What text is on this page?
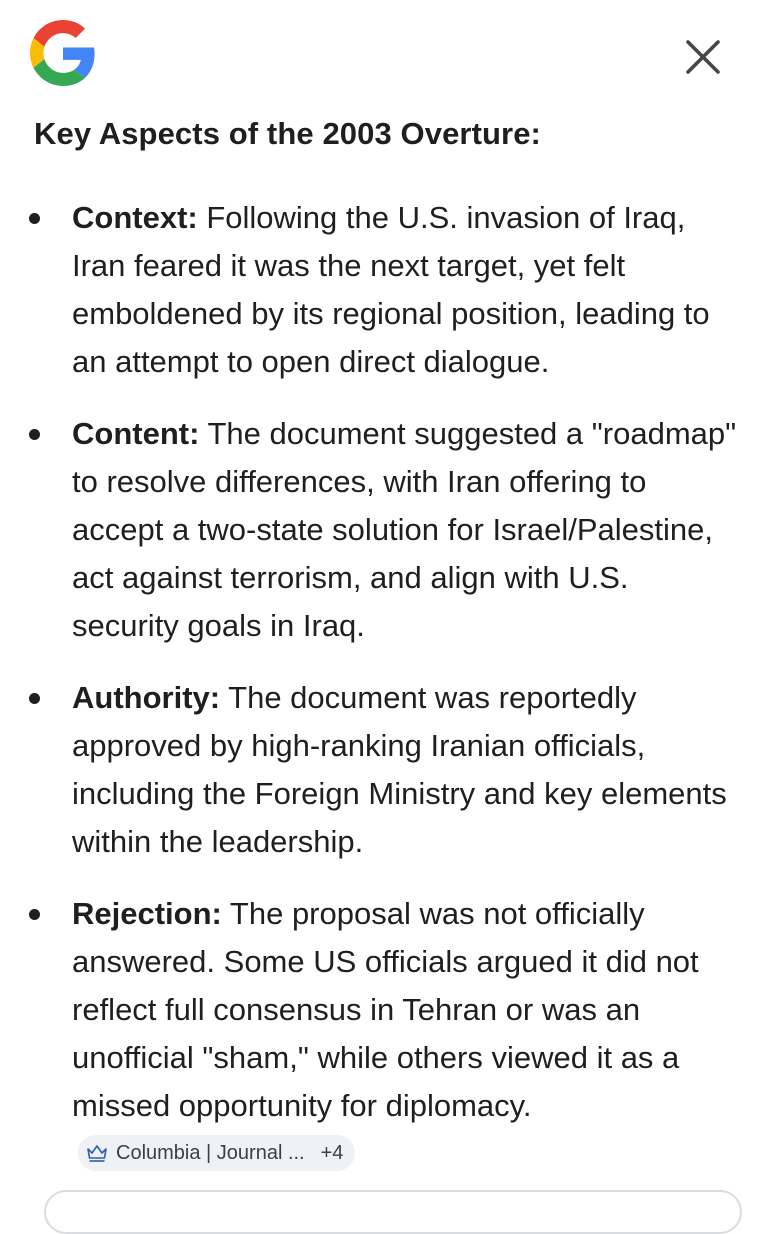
Key Aspects of the 2003 Overture:
Context: Following the U.S. invasion of Iraq, Iran feared it was the next target, yet felt emboldened by its regional position, leading to an attempt to open direct dialogue.
Content: The document suggested a "roadmap" to resolve differences, with Iran offering to accept a two-state solution for Israel/Palestine, act against terrorism, and align with U.S. security goals in Iraq.
Authority: The document was reportedly approved by high-ranking Iranian officials, including the Foreign Ministry and key elements within the leadership.
Rejection: The proposal was not officially answered. Some US officials argued it did not reflect full consensus in Tehran or was an unofficial "sham," while others viewed it as a missed opportunity for diplomacy.
Columbia | Journal ... +4
